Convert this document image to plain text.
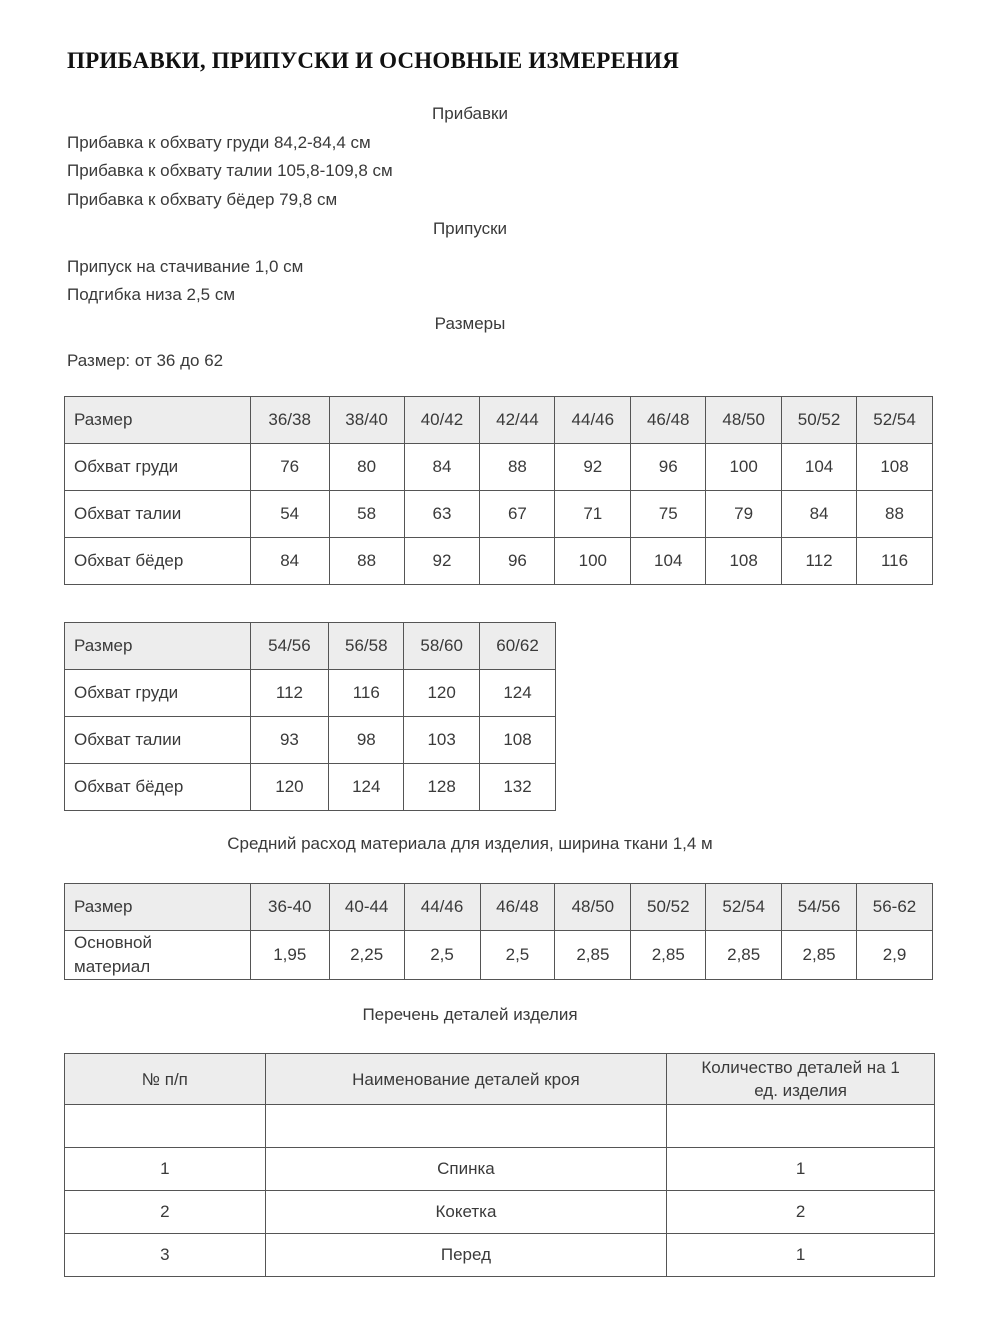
ПРИБАВКИ, ПРИПУСКИ И ОСНОВНЫЕ ИЗМЕРЕНИЯ
Прибавки
Прибавка к обхвату груди 84,2-84,4 см
Прибавка к обхвату талии 105,8-109,8 см
Прибавка к обхвату бёдер 79,8 см
Припуски
Припуск на стачивание 1,0 см
Подгибка низа 2,5 см
Размеры
Размер: от 36 до 62
Размер	36/38	38/40	40/42	42/44	44/46	46/48	48/50	50/52	52/54
Обхват груди	76	80	84	88	92	96	100	104	108
Обхват талии	54	58	63	67	71	75	79	84	88
Обхват бёдер	84	88	92	96	100	104	108	112	116
Размер	54/56	56/58	58/60	60/62
Обхват груди	112	116	120	124
Обхват талии	93	98	103	108
Обхват бёдер	120	124	128	132
Средний расход материала для изделия, ширина ткани 1,4 м
Размер	36-40	40-44	44/46	46/48	48/50	50/52	52/54	54/56	56-62

Основной материал	1,95	2,25	2,5	2,5	2,85	2,85	2,85	2,85	2,9
Перечень деталей изделия
№ п/п	Наименование деталей кроя	Количество деталей на 1 ед. изделия

1	Спинка	1
2	Кокетка	2
3	Перед	1
